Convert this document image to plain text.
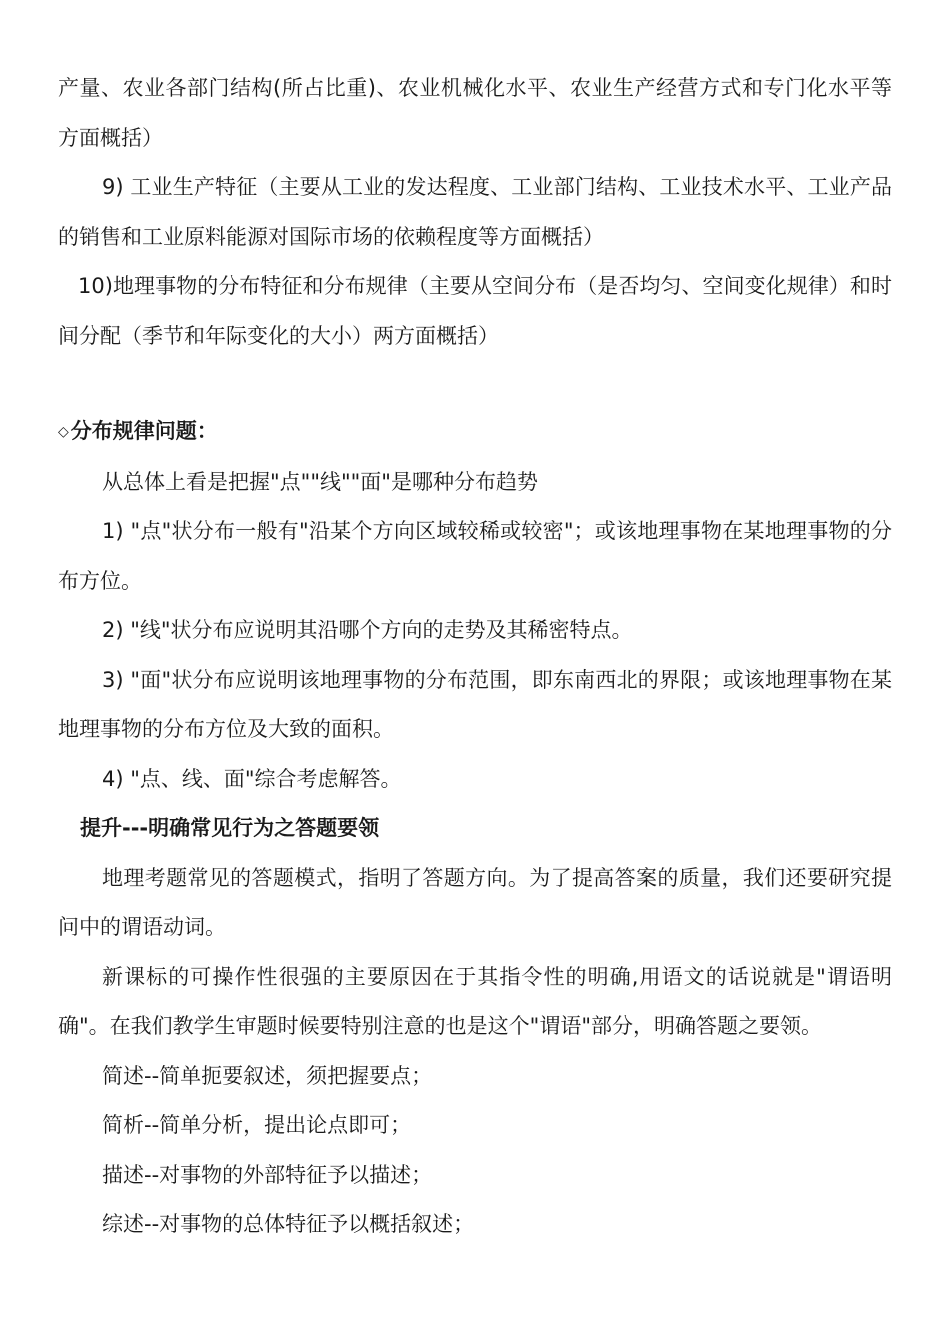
产量、农业各部门结构(所占比重)、农业机械化水平、农业生产经营方式和专门化水平等方面概括）

9) 工业生产特征（主要从工业的发达程度、工业部门结构、工业技术水平、工业产品的销售和工业原料能源对国际市场的依赖程度等方面概括）

10)地理事物的分布特征和分布规律（主要从空间分布（是否均匀、空间变化规律）和时间分配（季节和年际变化的大小）两方面概括）

◇分布规律问题：

从总体上看是把握"点""线""面"是哪种分布趋势

1) "点"状分布一般有"沿某个方向区域较稀或较密"；或该地理事物在某地理事物的分布方位。

2) "线"状分布应说明其沿哪个方向的走势及其稀密特点。

3) "面"状分布应说明该地理事物的分布范围，即东南西北的界限；或该地理事物在某地理事物的分布方位及大致的面积。

4) "点、线、面"综合考虑解答。

提升---明确常见行为之答题要领

地理考题常见的答题模式，指明了答题方向。为了提高答案的质量，我们还要研究提问中的谓语动词。

新课标的可操作性很强的主要原因在于其指令性的明确,用语文的话说就是"谓语明确"。在我们教学生审题时候要特别注意的也是这个"谓语"部分，明确答题之要领。

简述--简单扼要叙述，须把握要点；

简析--简单分析，提出论点即可；

描述--对事物的外部特征予以描述；

综述--对事物的总体特征予以概括叙述；
